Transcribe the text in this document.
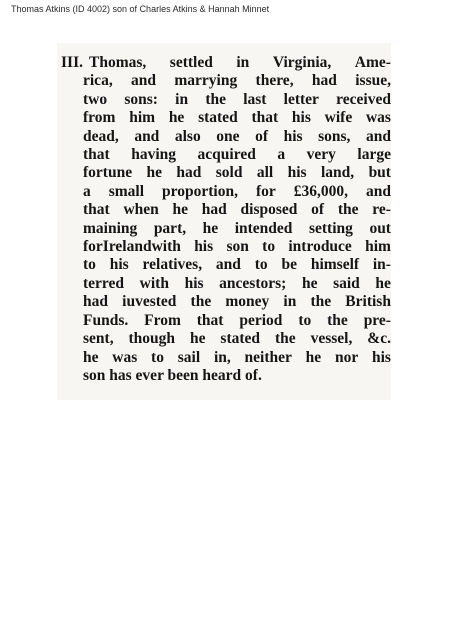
Thomas Atkins (ID 4002) son of Charles Atkins & Hannah Minnet
III. Thomas, settled in Virginia, Ame-
rica, and marrying there, had issue,
two sons: in the last letter received
from him he stated that his wife was
dead, and also one of his sons, and
that having acquired a very large
fortune he had sold all his land, but
a small proportion, for £36,000, and
that when he had disposed of the re-
maining part, he intended setting out
forIrelandwith his son to introduce him
to his relatives, and to be himself in-
terred with his ancestors; he said he
had iuvested the money in the British
Funds. From that period to the pre-
sent, though he stated the vessel, &c.
he was to sail in, neither he nor his
son has ever been heard of.
